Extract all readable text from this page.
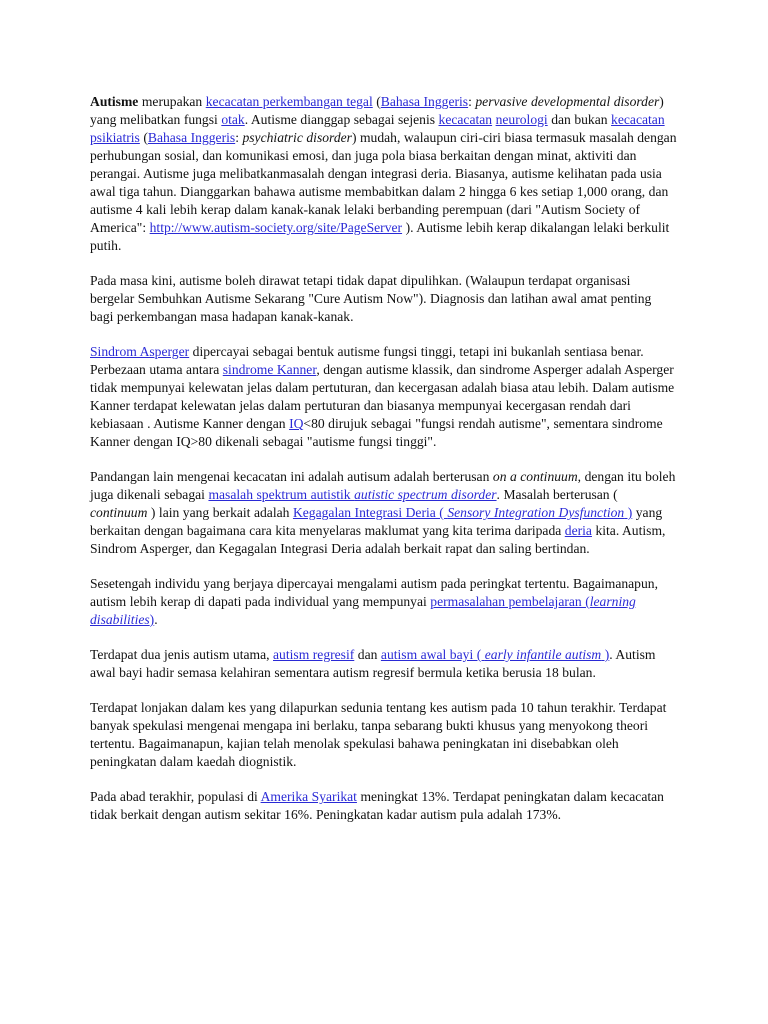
Autisme merupakan kecacatan perkembangan tegal (Bahasa Inggeris: pervasive developmental disorder) yang melibatkan fungsi otak. Autisme dianggap sebagai sejenis kecacatan neurologi dan bukan kecacatan psikiatris (Bahasa Inggeris: psychiatric disorder) mudah, walaupun ciri-ciri biasa termasuk masalah dengan perhubungan sosial, dan komunikasi emosi, dan juga pola biasa berkaitan dengan minat, aktiviti dan perangai. Autisme juga melibatkanmasalah dengan integrasi deria. Biasanya, autisme kelihatan pada usia awal tiga tahun. Dianggarkan bahawa autisme membabitkan dalam 2 hingga 6 kes setiap 1,000 orang, dan autisme 4 kali lebih kerap dalam kanak-kanak lelaki berbanding perempuan (dari "Autism Society of America": http://www.autism-society.org/site/PageServer ). Autisme lebih kerap dikalangan lelaki berkulit putih.

Pada masa kini, autisme boleh dirawat tetapi tidak dapat dipulihkan. (Walaupun terdapat organisasi bergelar Sembuhkan Autisme Sekarang "Cure Autism Now"). Diagnosis dan latihan awal amat penting bagi perkembangan masa hadapan kanak-kanak.

Sindrom Asperger dipercayai sebagai bentuk autisme fungsi tinggi, tetapi ini bukanlah sentiasa benar. Perbezaan utama antara sindrome Kanner, dengan autisme klassik, dan sindrome Asperger adalah Asperger tidak mempunyai kelewatan jelas dalam pertuturan, dan kecergasan adalah biasa atau lebih. Dalam autisme Kanner terdapat kelewatan jelas dalam pertuturan dan biasanya mempunyai kecergasan rendah dari kebiasaan . Autisme Kanner dengan IQ<80 dirujuk sebagai "fungsi rendah autisme", sementara sindrome Kanner dengan IQ>80 dikenali sebagai "autisme fungsi tinggi".

Pandangan lain mengenai kecacatan ini adalah autisum adalah berterusan on a continuum, dengan itu boleh juga dikenali sebagai masalah spektrum autistik autistic spectrum disorder. Masalah berterusan ( continuum ) lain yang berkait adalah Kegagalan Integrasi Deria ( Sensory Integration Dysfunction ) yang berkaitan dengan bagaimana cara kita menyelaras maklumat yang kita terima daripada deria kita. Autism, Sindrom Asperger, dan Kegagalan Integrasi Deria adalah berkait rapat dan saling bertindan.

Sesetengah individu yang berjaya dipercayai mengalami autism pada peringkat tertentu. Bagaimanapun, autism lebih kerap di dapati pada individual yang mempunyai permasalahan pembelajaran (learning disabilities).

Terdapat dua jenis autism utama, autism regresif dan autism awal bayi ( early infantile autism ). Autism awal bayi hadir semasa kelahiran sementara autism regresif bermula ketika berusia 18 bulan.

Terdapat lonjakan dalam kes yang dilapurkan sedunia tentang kes autism pada 10 tahun terakhir. Terdapat banyak spekulasi mengenai mengapa ini berlaku, tanpa sebarang bukti khusus yang menyokong theori tertentu. Bagaimanapun, kajian telah menolak spekulasi bahawa peningkatan ini disebabkan oleh peningkatan dalam kaedah diognistik.

Pada abad terakhir, populasi di Amerika Syarikat meningkat 13%. Terdapat peningkatan dalam kecacatan tidak berkait dengan autism sekitar 16%. Peningkatan kadar autism pula adalah 173%.
